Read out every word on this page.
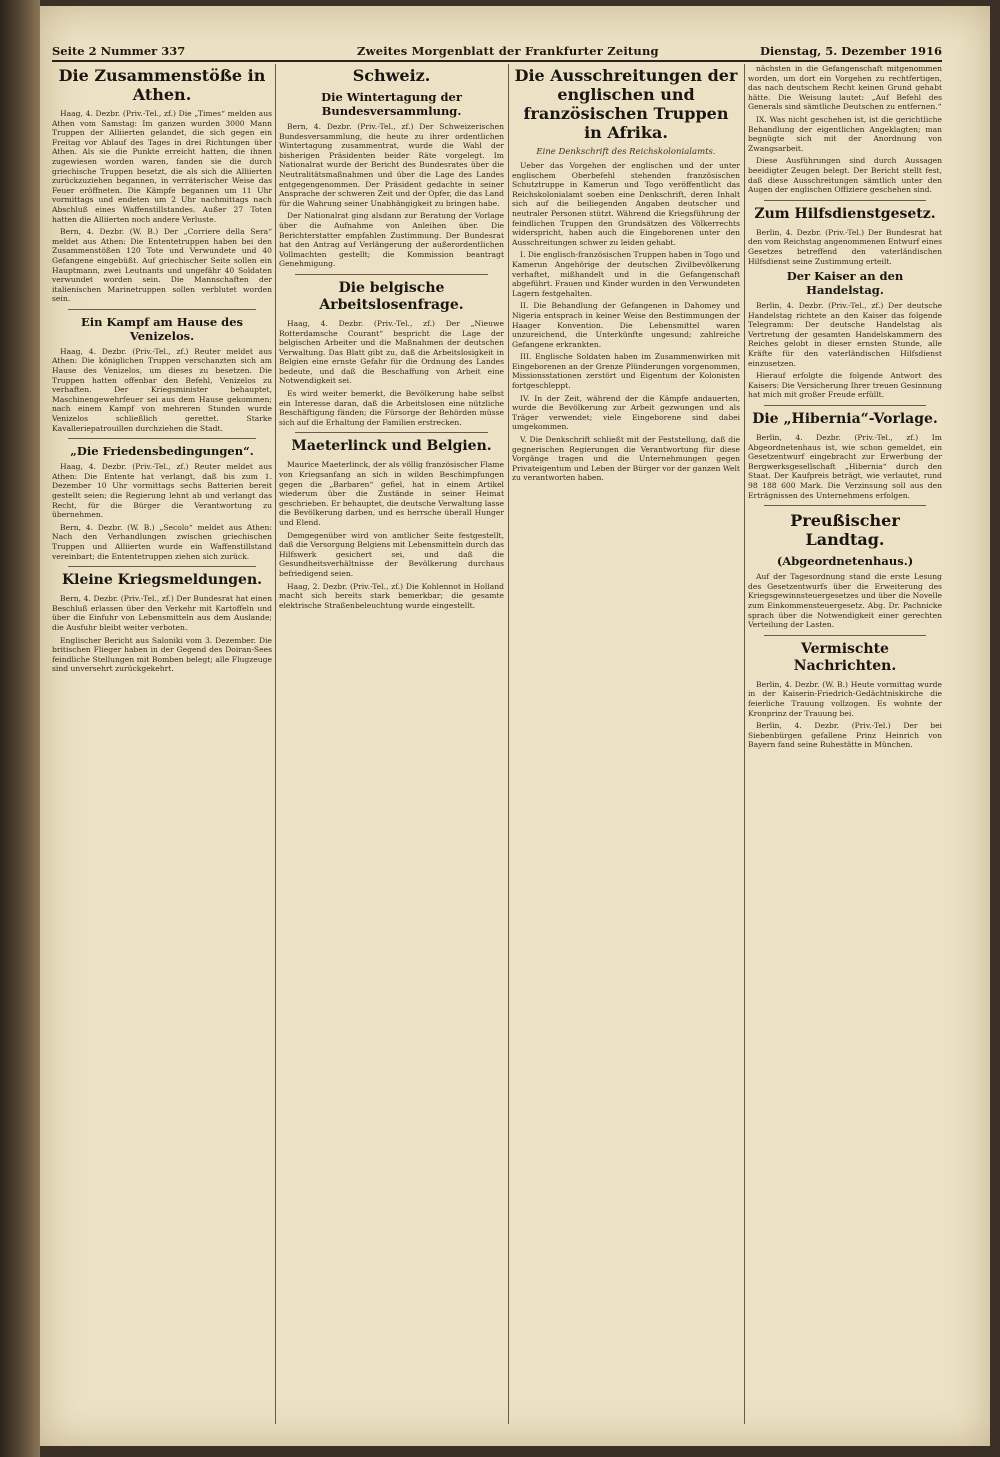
Seite 2 Nummer 337	Zweites Morgenblatt der Frankfurter Zeitung	Dienstag, 5. Dezember 1916
Die Zusammenstöße in Athen.

Haag, 4. Dezbr. (Priv.-Tel., zf.) Die „Times“ melden aus Athen vom Samstag: Im ganzen wurden 3000 Mann Truppen der Alliierten gelandet, die sich gegen ein Freitag vor Ablauf des Tages in drei Richtungen über Athen. Als sie die Punkte erreicht hatten, die ihnen zugewiesen worden waren, fanden sie die durch griechische Truppen besetzt, die als sich die Alliierten zurückzuziehen begannen, in verräterischer Weise das Feuer eröffneten. Die Kämpfe begannen um 11 Uhr vormittags und endeten um 2 Uhr nachmittags nach Abschluß eines Waffenstillstandes. Außer 27 Toten hatten die Alliierten noch andere Verluste.

Bern, 4. Dezbr. (W. B.) Der „Corriere della Sera“ meldet aus Athen: Die Ententetruppen haben bei den Zusammenstößen 120 Tote und Verwundete und 40 Gefangene eingebüßt. Auf griechischer Seite sollen ein Hauptmann, zwei Leutnants und ungefähr 40 Soldaten verwundet worden sein. Die Mannschaften der italienischen Marinetruppen sollen verblutet worden sein.

Ein Kampf am Hause des Venizelos.

Haag, 4. Dezbr. (Priv.-Tel., zf.) Reuter meldet aus Athen: Die königlichen Truppen verschanzten sich am Hause des Venizelos, um dieses zu besetzen. Die Truppen hatten offenbar den Befehl, Venizelos zu verhaften. Der Kriegsminister behauptet, Maschinengewehrfeuer sei aus dem Hause gekommen; nach einem Kampf von mehreren Stunden wurde Venizelos schließlich gerettet. Starke Kavalleriepatrouillen durchziehen die Stadt.

„Die Friedensbedingungen“.

Haag, 4. Dezbr. (Priv.-Tel., zf.) Reuter meldet aus Athen: Die Entente hat verlangt, daß bis zum 1. Dezember 10 Uhr vormittags sechs Batterien bereit gestellt seien; die Regierung lehnt ab und verlangt das Recht, für die Bürger die Verantwortung zu übernehmen.

Bern, 4. Dezbr. (W. B.) „Secolo“ meldet aus Athen: Nach den Verhandlungen zwischen griechischen Truppen und Alliierten wurde ein Waffenstillstand vereinbart; die Ententetruppen ziehen sich zurück.

Kleine Kriegsmeldungen.

Bern, 4. Dezbr. (Priv.-Tel., zf.) Der Bundesrat hat einen Beschluß erlassen über den Verkehr mit Kartoffeln und über die Einfuhr von Lebensmitteln aus dem Auslande; die Ausfuhr bleibt weiter verboten.

Englischer Bericht aus Saloniki vom 3. Dezember. Die britischen Flieger haben in der Gegend des Doiran-Sees feindliche Stellungen mit Bomben belegt; alle Flugzeuge sind unversehrt zurückgekehrt.

Schweiz.
Die Wintertagung der Bundesversammlung.

Bern, 4. Dezbr. (Priv.-Tel., zf.) Der Schweizerischen Bundesversammlung, die heute zu ihrer ordentlichen Wintertagung zusammentrat, wurde die Wahl der bisherigen Präsidenten beider Räte vorgelegt. Im Nationalrat wurde der Bericht des Bundesrates über die Neutralitätsmaßnahmen und über die Lage des Landes entgegengenommen. Der Präsident gedachte in seiner Ansprache der schweren Zeit und der Opfer, die das Land für die Wahrung seiner Unabhängigkeit zu bringen habe.

Der Nationalrat ging alsdann zur Beratung der Vorlage über die Aufnahme von Anleihen über. Die Berichterstatter empfahlen Zustimmung. Der Bundesrat hat den Antrag auf Verlängerung der außerordentlichen Vollmachten gestellt; die Kommission beantragt Genehmigung.

Die belgische Arbeitslosenfrage.

Haag, 4. Dezbr. (Priv.-Tel., zf.) Der „Nieuwe Rotterdamsche Courant“ bespricht die Lage der belgischen Arbeiter und die Maßnahmen der deutschen Verwaltung. Das Blatt gibt zu, daß die Arbeitslosigkeit in Belgien eine ernste Gefahr für die Ordnung des Landes bedeute, und daß die Beschaffung von Arbeit eine Notwendigkeit sei.

Es wird weiter bemerkt, die Bevölkerung habe selbst ein Interesse daran, daß die Arbeitslosen eine nützliche Beschäftigung fänden; die Fürsorge der Behörden müsse sich auf die Erhaltung der Familien erstrecken.

Maeterlinck und Belgien.

Maurice Maeterlinck, der als völlig französischer Flame von Kriegsanfang an sich in wilden Beschimpfungen gegen die „Barbaren“ gefiel, hat in einem Artikel wiederum über die Zustände in seiner Heimat geschrieben. Er behauptet, die deutsche Verwaltung lasse die Bevölkerung darben, und es herrsche überall Hunger und Elend.

Demgegenüber wird von amtlicher Seite festgestellt, daß die Versorgung Belgiens mit Lebensmitteln durch das Hilfswerk gesichert sei, und daß die Gesundheitsverhältnisse der Bevölkerung durchaus befriedigend seien.

Haag, 2. Dezbr. (Priv.-Tel., zf.) Die Kohlennot in Holland macht sich bereits stark bemerkbar; die gesamte elektrische Straßenbeleuchtung wurde eingestellt.

Die Ausschreitungen der englischen und französischen Truppen in Afrika.
Eine Denkschrift des Reichskolonialamts.

Ueber das Vorgehen der englischen und der unter englischem Oberbefehl stehenden französischen Schutztruppe in Kamerun und Togo veröffentlicht das Reichskolonialamt soeben eine Denkschrift, deren Inhalt sich auf die beiliegenden Angaben deutscher und neutraler Personen stützt. Während die Kriegsführung der feindlichen Truppen den Grundsätzen des Völkerrechts widerspricht, haben auch die Eingeborenen unter den Ausschreitungen schwer zu leiden gehabt.

I. Die englisch-französischen Truppen haben in Togo und Kamerun Angehörige der deutschen Zivilbevölkerung verhaftet, mißhandelt und in die Gefangenschaft abgeführt. Frauen und Kinder wurden in den Verwundeten Lagern festgehalten.

II. Die Behandlung der Gefangenen in Dahomey und Nigeria entsprach in keiner Weise den Bestimmungen der Haager Konvention. Die Lebensmittel waren unzureichend, die Unterkünfte ungesund; zahlreiche Gefangene erkrankten.

III. Englische Soldaten haben im Zusammenwirken mit Eingeborenen an der Grenze Plünderungen vorgenommen, Missionsstationen zerstört und Eigentum der Kolonisten fortgeschleppt.

IV. In der Zeit, während der die Kämpfe andauerten, wurde die Bevölkerung zur Arbeit gezwungen und als Träger verwendet; viele Eingeborene sind dabei umgekommen.

V. Die Denkschrift schließt mit der Feststellung, daß die gegnerischen Regierungen die Verantwortung für diese Vorgänge tragen und die Unternehmungen gegen Privateigentum und Leben der Bürger vor der ganzen Welt zu verantworten haben.

nächsten in die Gefangenschaft mitgenommen worden, um dort ein Vorgehen zu rechtfertigen, das nach deutschem Recht keinen Grund gehabt hätte. Die Weisung lautet: „Auf Befehl des Generals sind sämtliche Deutschen zu entfernen.“

IX. Was nicht geschehen ist, ist die gerichtliche Behandlung der eigentlichen Angeklagten; man begnügte sich mit der Anordnung von Zwangsarbeit.

Diese Ausführungen sind durch Aussagen beeidigter Zeugen belegt. Der Bericht stellt fest, daß diese Ausschreitungen sämtlich unter den Augen der englischen Offiziere geschehen sind.

Zum Hilfsdienstgesetz.

Berlin, 4. Dezbr. (Priv.-Tel.) Der Bundesrat hat den vom Reichstag angenommenen Entwurf eines Gesetzes betreffend den vaterländischen Hilfsdienst seine Zustimmung erteilt.

Der Kaiser an den Handelstag.

Berlin, 4. Dezbr. (Priv.-Tel., zf.) Der deutsche Handelstag richtete an den Kaiser das folgende Telegramm: Der deutsche Handelstag als Vertretung der gesamten Handelskammern des Reiches gelobt in dieser ernsten Stunde, alle Kräfte für den vaterländischen Hilfsdienst einzusetzen.

Hierauf erfolgte die folgende Antwort des Kaisers: Die Versicherung Ihrer treuen Gesinnung hat mich mit großer Freude erfüllt.

Die „Hibernia“-Vorlage.

Berlin, 4. Dezbr. (Priv.-Tel., zf.) Im Abgeordnetenhaus ist, wie schon gemeldet, ein Gesetzentwurf eingebracht zur Erwerbung der Bergwerksgesellschaft „Hibernia“ durch den Staat. Der Kaufpreis beträgt, wie verlautet, rund 98 188 600 Mark. Die Verzinsung soll aus den Erträgnissen des Unternehmens erfolgen.

Preußischer Landtag.
(Abgeordnetenhaus.)

Auf der Tagesordnung stand die erste Lesung des Gesetzentwurfs über die Erweiterung des Kriegsgewinnsteuergesetzes und über die Novelle zum Einkommensteuergesetz. Abg. Dr. Pachnicke sprach über die Notwendigkeit einer gerechten Verteilung der Lasten.

Vermischte Nachrichten.

Berlin, 4. Dezbr. (W. B.) Heute vormittag wurde in der Kaiserin-Friedrich-Gedächtniskirche die feierliche Trauung vollzogen. Es wohnte der Kronprinz der Trauung bei.

Berlin, 4. Dezbr. (Priv.-Tel.) Der bei Siebenbürgen gefallene Prinz Heinrich von Bayern fand seine Ruhestätte in München.
